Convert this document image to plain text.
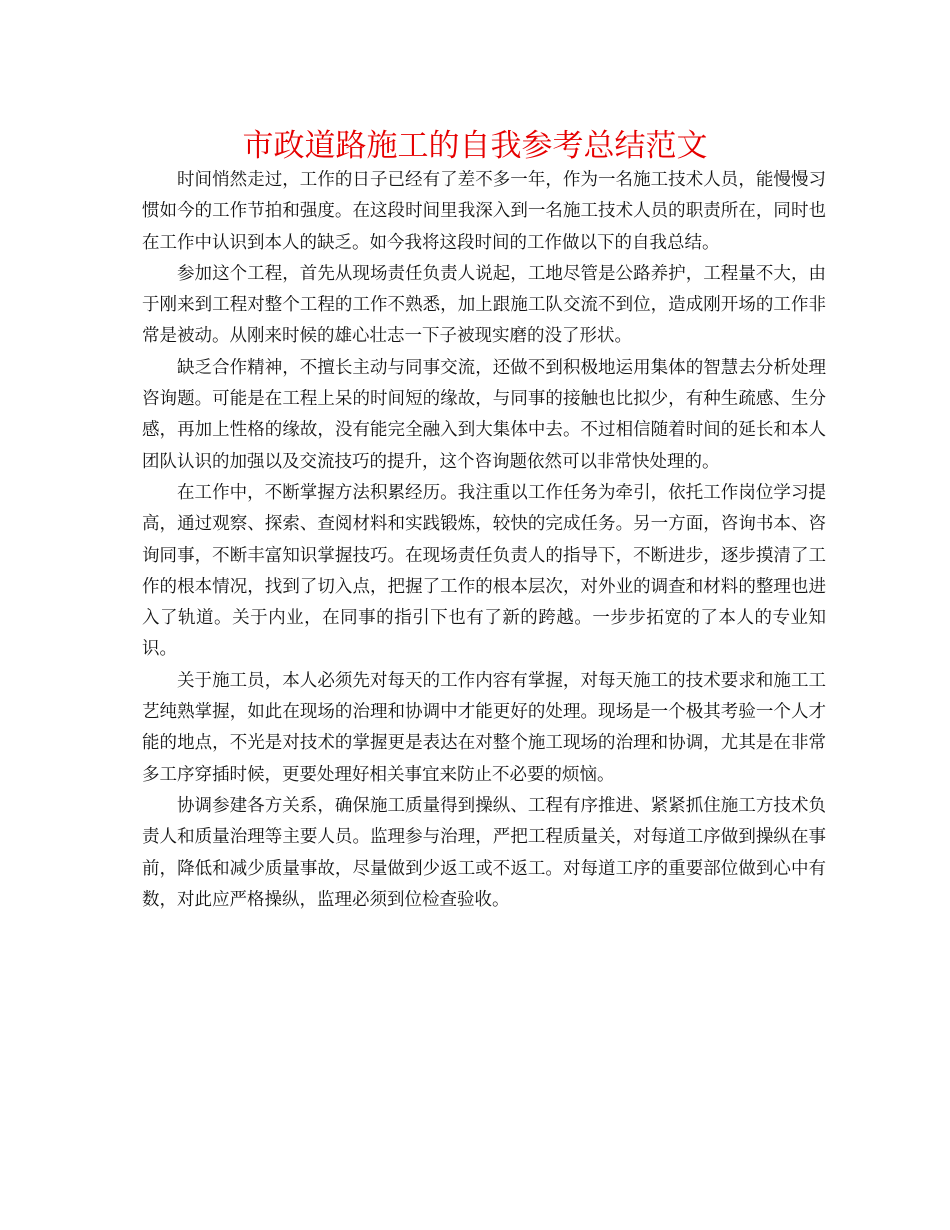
市政道路施工的自我参考总结范文

时间悄然走过，工作的日子已经有了差不多一年，作为一名施工技术人员，能慢慢习惯如今的工作节拍和强度。在这段时间里我深入到一名施工技术人员的职责所在，同时也在工作中认识到本人的缺乏。如今我将这段时间的工作做以下的自我总结。

参加这个工程，首先从现场责任负责人说起，工地尽管是公路养护，工程量不大，由于刚来到工程对整个工程的工作不熟悉，加上跟施工队交流不到位，造成刚开场的工作非常是被动。从刚来时候的雄心壮志一下子被现实磨的没了形状。

缺乏合作精神，不擅长主动与同事交流，还做不到积极地运用集体的智慧去分析处理咨询题。可能是在工程上呆的时间短的缘故，与同事的接触也比拟少，有种生疏感、生分感，再加上性格的缘故，没有能完全融入到大集体中去。不过相信随着时间的延长和本人团队认识的加强以及交流技巧的提升，这个咨询题依然可以非常快处理的。

在工作中，不断掌握方法积累经历。我注重以工作任务为牵引，依托工作岗位学习提高，通过观察、探索、查阅材料和实践锻炼，较快的完成任务。另一方面，咨询书本、咨询同事，不断丰富知识掌握技巧。在现场责任负责人的指导下，不断进步，逐步摸清了工作的根本情况，找到了切入点，把握了工作的根本层次，对外业的调查和材料的整理也进入了轨道。关于内业，在同事的指引下也有了新的跨越。一步步拓宽的了本人的专业知识。

关于施工员，本人必须先对每天的工作内容有掌握，对每天施工的技术要求和施工工艺纯熟掌握，如此在现场的治理和协调中才能更好的处理。现场是一个极其考验一个人才能的地点，不光是对技术的掌握更是表达在对整个施工现场的治理和协调，尤其是在非常多工序穿插时候，更要处理好相关事宜来防止不必要的烦恼。

协调参建各方关系，确保施工质量得到操纵、工程有序推进、紧紧抓住施工方技术负责人和质量治理等主要人员。监理参与治理，严把工程质量关，对每道工序做到操纵在事前，降低和减少质量事故，尽量做到少返工或不返工。对每道工序的重要部位做到心中有数，对此应严格操纵，监理必须到位检查验收。
